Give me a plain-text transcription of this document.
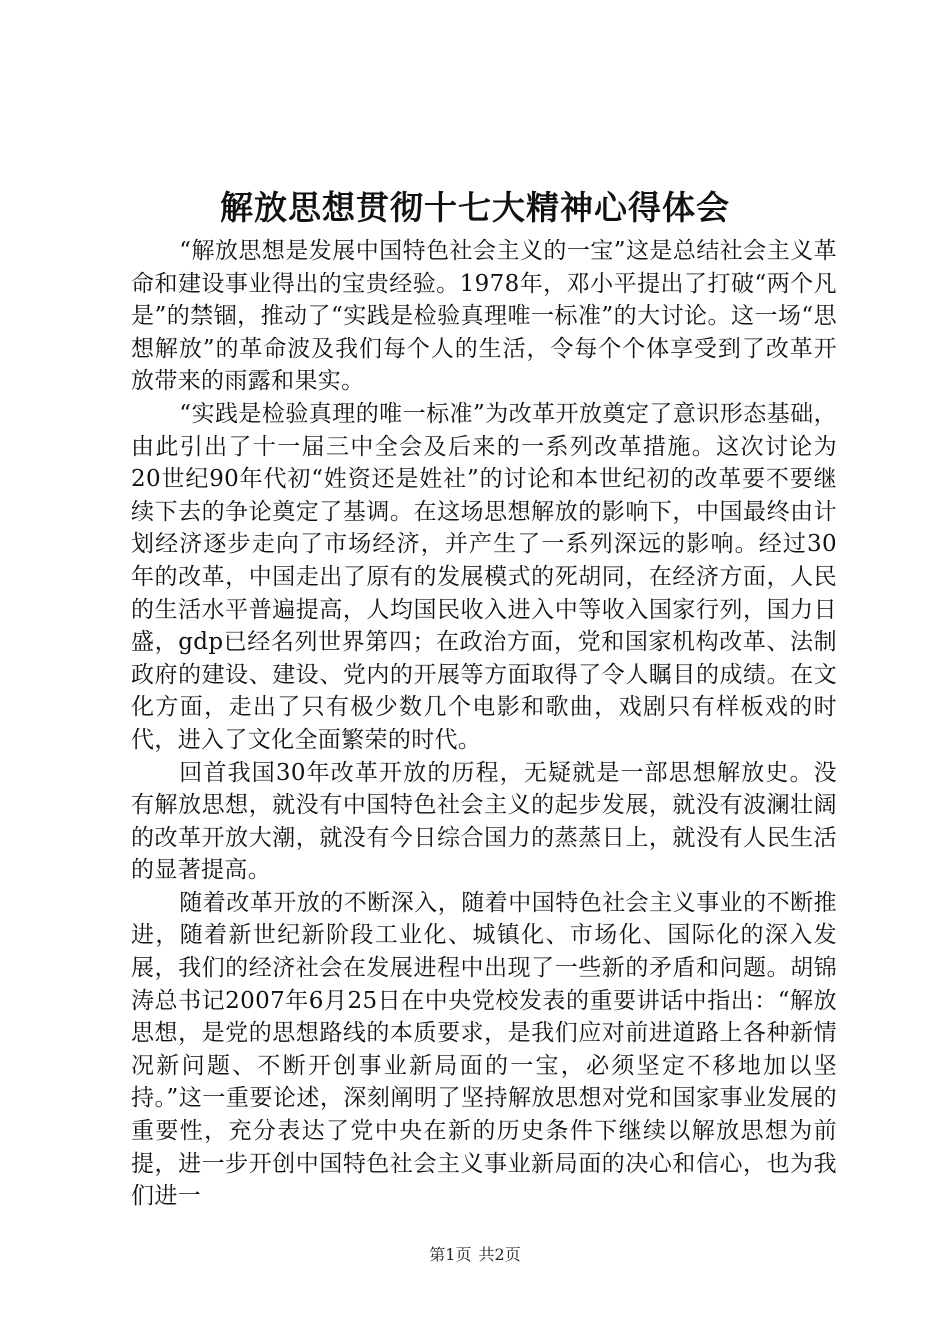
解放思想贯彻十七大精神心得体会

“解放思想是发展中国特色社会主义的一宝”这是总结社会主义革命和建设事业得出的宝贵经验。1978年，邓小平提出了打破“两个凡是”的禁锢，推动了“实践是检验真理唯一标准”的大讨论。这一场“思想解放”的革命波及我们每个人的生活，令每个个体享受到了改革开放带来的雨露和果实。

“实践是检验真理的唯一标准”为改革开放奠定了意识形态基础，由此引出了十一届三中全会及后来的一系列改革措施。这次讨论为20世纪90年代初“姓资还是姓社”的讨论和本世纪初的改革要不要继续下去的争论奠定了基调。在这场思想解放的影响下，中国最终由计划经济逐步走向了市场经济，并产生了一系列深远的影响。经过30年的改革，中国走出了原有的发展模式的死胡同，在经济方面，人民的生活水平普遍提高，人均国民收入进入中等收入国家行列，国力日盛，gdp已经名列世界第四；在政治方面，党和国家机构改革、法制政府的建设、建设、党内的开展等方面取得了令人瞩目的成绩。在文化方面，走出了只有极少数几个电影和歌曲，戏剧只有样板戏的时代，进入了文化全面繁荣的时代。

回首我国30年改革开放的历程，无疑就是一部思想解放史。没有解放思想，就没有中国特色社会主义的起步发展，就没有波澜壮阔的改革开放大潮，就没有今日综合国力的蒸蒸日上，就没有人民生活的显著提高。

随着改革开放的不断深入，随着中国特色社会主义事业的不断推进，随着新世纪新阶段工业化、城镇化、市场化、国际化的深入发展，我们的经济社会在发展进程中出现了一些新的矛盾和问题。胡锦涛总书记2007年6月25日在中央党校发表的重要讲话中指出：“解放思想，是党的思想路线的本质要求，是我们应对前进道路上各种新情况新问题、不断开创事业新局面的一宝，必须坚定不移地加以坚持。”这一重要论述，深刻阐明了坚持解放思想对党和国家事业发展的重要性，充分表达了党中央在新的历史条件下继续以解放思想为前提，进一步开创中国特色社会主义事业新局面的决心和信心，也为我们进一

第1页 共2页
